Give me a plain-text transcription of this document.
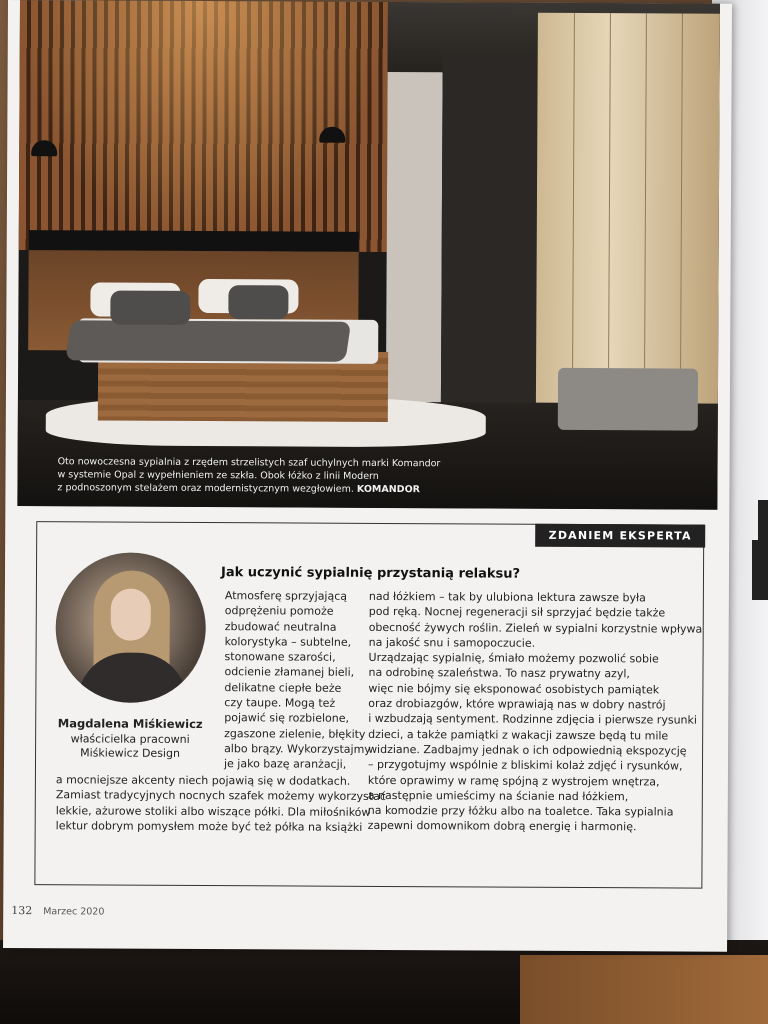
Oto nowoczesna sypialnia z rzędem strzelistych szaf uchylnych marki Komandor
w systemie Opal z wypełnieniem ze szkła. Obok łóżko z linii Modern
z podnoszonym stelażem oraz modernistycznym wezgłowiem. KOMANDOR
ZDANIEM EKSPERTA
Magdalena Miśkiewicz
właścicielka pracowni
Miśkiewicz Design
Jak uczynić sypialnię przystanią relaksu?

Atmosferę sprzyjającą

odprężeniu pomoże

zbudować neutralna

kolorystyka – subtelne,

stonowane szarości,

odcienie złamanej bieli,

delikatne ciepłe beże

czy taupe. Mogą też

pojawić się rozbielone,

zgaszone zielenie, błękity

albo brązy. Wykorzystajmy

je jako bazę aranżacji,

a mocniejsze akcenty niech pojawią się w dodatkach.

Zamiast tradycyjnych nocnych szafek możemy wykorzystać

lekkie, ażurowe stoliki albo wiszące półki. Dla miłośników

lektur dobrym pomysłem może być też półka na książki

nad łóżkiem – tak by ulubiona lektura zawsze była

pod ręką. Nocnej regeneracji sił sprzyjać będzie także

obecność żywych roślin. Zieleń w sypialni korzystnie wpływa

na jakość snu i samopoczucie.

Urządzając sypialnię, śmiało możemy pozwolić sobie

na odrobinę szaleństwa. To nasz prywatny azyl,

więc nie bójmy się eksponować osobistych pamiątek

oraz drobiazgów, które wprawiają nas w dobry nastrój

i wzbudzają sentyment. Rodzinne zdjęcia i pierwsze rysunki

dzieci, a także pamiątki z wakacji zawsze będą tu mile

widziane. Zadbajmy jednak o ich odpowiednią ekspozycję

– przygotujmy wspólnie z bliskimi kolaż zdjęć i rysunków,

które oprawimy w ramę spójną z wystrojem wnętrza,

a następnie umieścimy na ścianie nad łóżkiem,

na komodzie przy łóżku albo na toaletce. Taka sypialnia

zapewni domownikom dobrą energię i harmonię.

132 Marzec 2020
